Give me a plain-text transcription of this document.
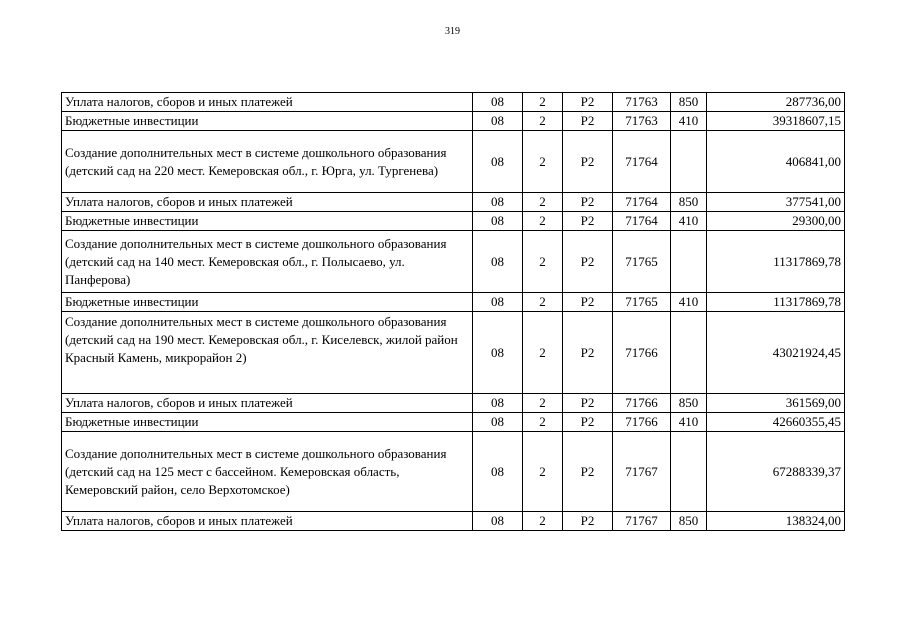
319
Уплата налогов, сборов и иных платежей	08	2	P2	71763	850	287736,00
Бюджетные инвестиции	08	2	P2	71763	410	39318607,15
Создание дополнительных мест в системе дошкольного образования (детский сад на 220 мест. Кемеровская обл., г. Юрга, ул. Тургенева)	08	2	P2	71764		406841,00
Уплата налогов, сборов и иных платежей	08	2	P2	71764	850	377541,00
Бюджетные инвестиции	08	2	P2	71764	410	29300,00
Создание дополнительных мест в системе дошкольного образования (детский сад на 140 мест. Кемеровская обл., г. Полысаево, ул. Панферова)	08	2	P2	71765		11317869,78
Бюджетные инвестиции	08	2	P2	71765	410	11317869,78
Создание дополнительных мест в системе дошкольного образования (детский сад на 190 мест. Кемеровская обл., г. Киселевск, жилой район Красный Камень, микрорайон 2)	08	2	P2	71766		43021924,45
Уплата налогов, сборов и иных платежей	08	2	P2	71766	850	361569,00
Бюджетные инвестиции	08	2	P2	71766	410	42660355,45
Создание дополнительных мест в системе дошкольного образования (детский сад на 125 мест с бассейном. Кемеровская область, Кемеровский район, село Верхотомское)	08	2	P2	71767		67288339,37
Уплата налогов, сборов и иных платежей	08	2	P2	71767	850	138324,00
